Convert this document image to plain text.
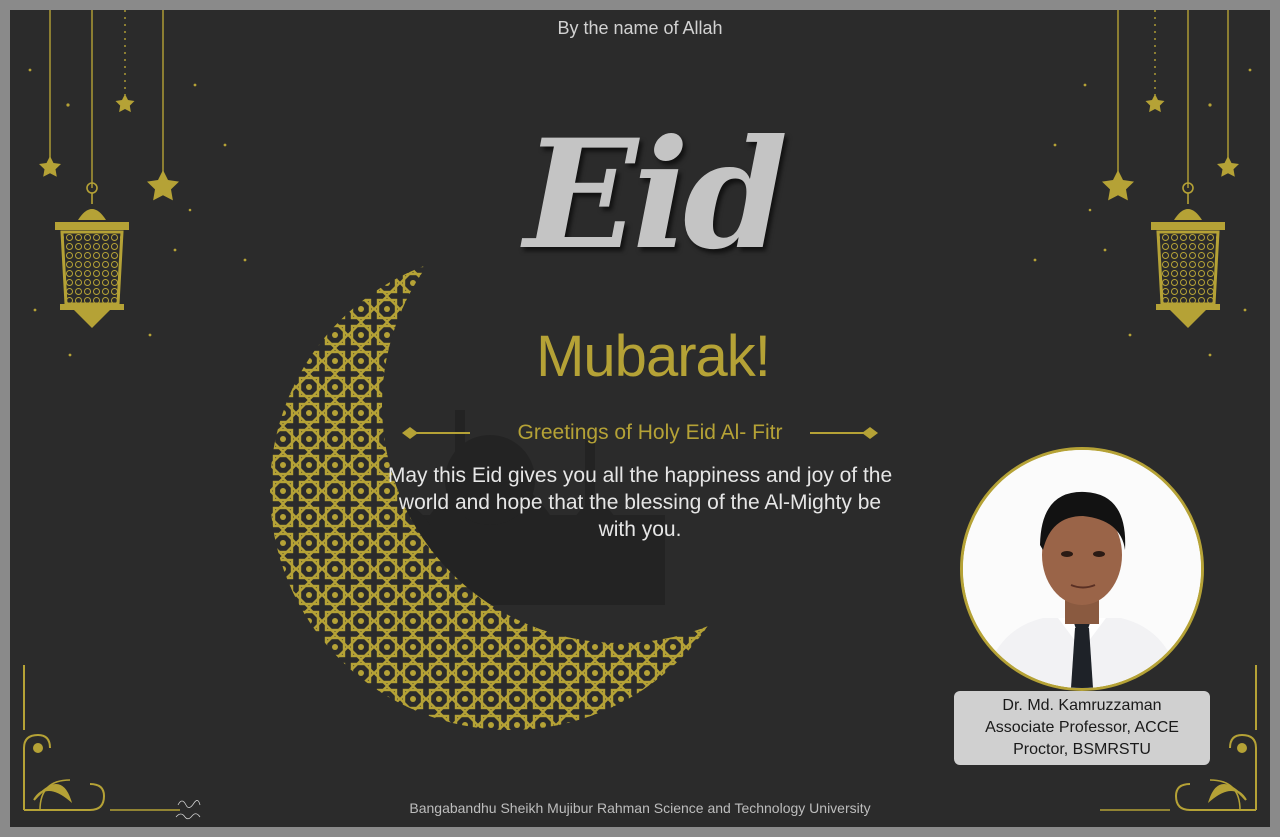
By the name of Allah
Eid
Mubarak!
Greetings of Holy Eid Al- Fitr
May this Eid gives you all the happiness and joy of the world and hope that the blessing of the Al-Mighty be with you.
Dr. Md. Kamruzzaman
Associate Professor, ACCE
Proctor, BSMRSTU
Bangabandhu Sheikh Mujibur Rahman Science and Technology University
